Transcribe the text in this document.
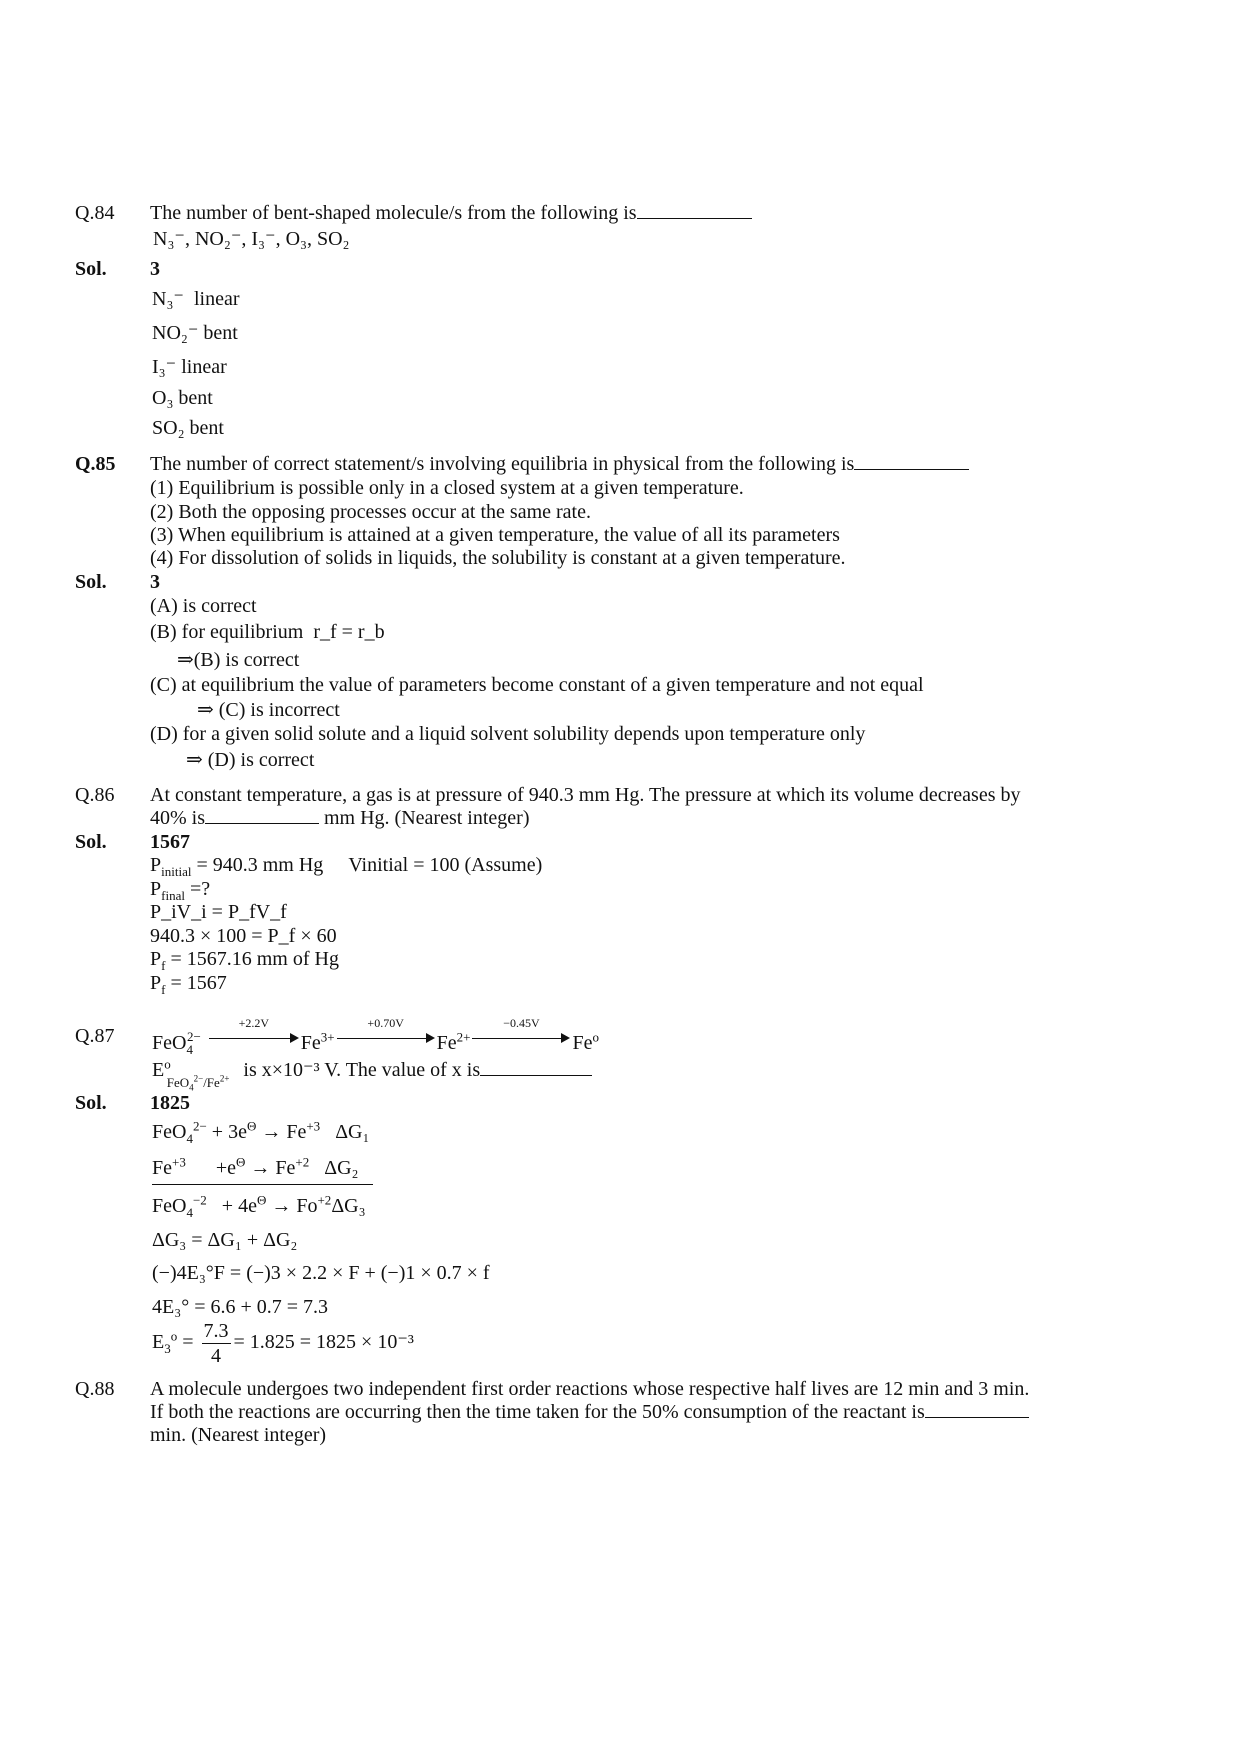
Q.84 The number of bent-shaped molecule/s from the following is
N₃⁻, NO₂⁻, I₃⁻, O₃, SO₂
Sol. 3
N₃⁻ linear
NO₂⁻ bent
I₃⁻ linear
O₃ bent
SO₂ bent
Q.85 The number of correct statement/s involving equilibria in physical from the following is
(1) Equilibrium is possible only in a closed system at a given temperature.
(2) Both the opposing processes occur at the same rate.
(3) When equilibrium is attained at a given temperature, the value of all its parameters
(4) For dissolution of solids in liquids, the solubility is constant at a given temperature.
Sol. 3
(A) is correct
(B) for equilibrium r_f = r_b
⇒(B) is correct
(C) at equilibrium the value of parameters become constant of a given temperature and not equal
⇒ (C) is incorrect
(D) for a given solid solute and a liquid solvent solubility depends upon temperature only
⇒ (D) is correct
Q.86 At constant temperature, a gas is at pressure of 940.3 mm Hg. The pressure at which its volume decreases by
40% is	mm Hg. (Nearest integer)
Sol. 1567
$P_{initial} = 940.3$ mm Hg Vinitial = 100 (Assume)
$P_{final}$ =?
P_iV_i = P_fV_f
940.3 × 100 = P_f × 60
$P_f = 1567.16$ mm of Hg
$P_f = 1567$
Q.87 FeO$_4^{2-}$
+2.2V
$Fe^{3+}$
+0.70V
$Fe^{2+}$
−0.45V
Fe$^o$
$E^o_{FeO_4^{2-}/Fe^{2+}}$ is x×10⁻³ V. The value of x is
Sol. 1825
$FeO_4^{2-} + 3e^\Theta \to Fe^{+3}$ ΔG₁
$Fe^{+3}$      $+e^\Theta \to Fe^{+2}$ ΔG₂
$FeO_4^{-2} + 4e^\Theta \to Fo^{+2}\Delta G_3$
ΔG₃ = ΔG₁ + ΔG₂
(−)4E₃°F = (−)3 × 2.2 × F + (−)1 × 0.7 × f
4E₃° = 6.6 + 0.7 = 7.3
$E_3^o = \frac{7.3}{4} = 1.825 = 1825 \times 10^{-3}$
Q.88 A molecule undergoes two independent first order reactions whose respective half lives are 12 min and 3 min.
If both the reactions are occurring then the time taken for the 50% consumption of the reactant is
min. (Nearest integer)
